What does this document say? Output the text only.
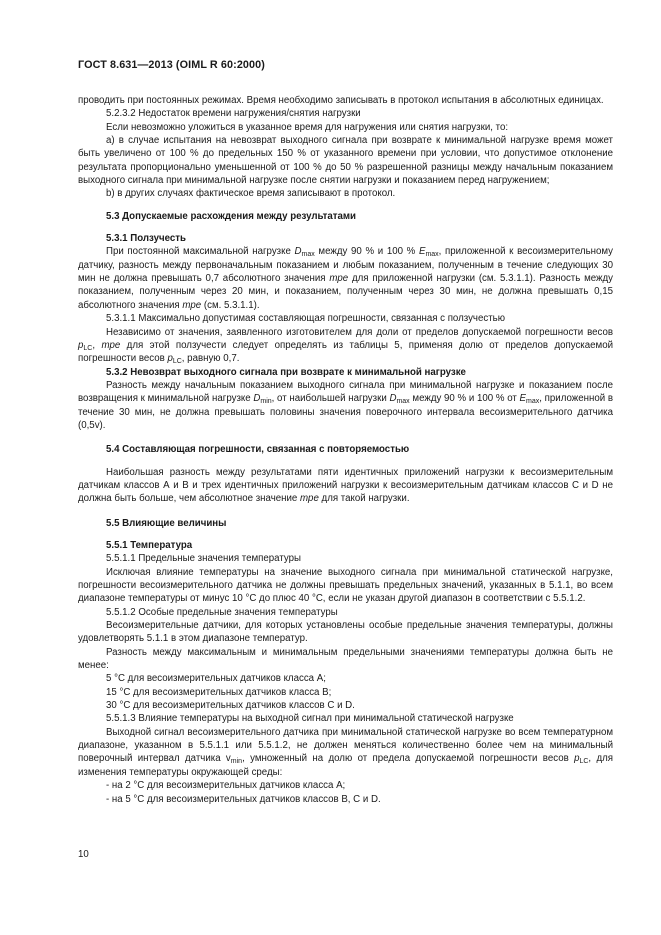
ГОСТ 8.631—2013 (OIML R 60:2000)

проводить при постоянных режимах. Время необходимо записывать в протокол испытания в абсолютных единицах.

5.2.3.2 Недостаток времени нагружения/снятия нагрузки

Если невозможно уложиться в указанное время для нагружения или снятия нагрузки, то:

a) в случае испытания на невозврат выходного сигнала при возврате к минимальной нагрузке время может быть увеличено от 100 % до предельных 150 % от указанного времени при условии, что допустимое отклонение результата пропорционально уменьшенной от 100 % до 50 % разрешенной разницы между начальным показанием выходного сигнала при минимальной нагрузке после снятии нагрузки и показанием перед нагружением;

b) в других случаях фактическое время записывают в протокол.

5.3 Допускаемые расхождения между результатами

5.3.1 Ползучесть

При постоянной максимальной нагрузке $D_{max}$ между 90 % и 100 % $E_{max}$, приложенной к весоизмерительному датчику, разность между первоначальным показанием и любым показанием, полученным в течение следующих 30 мин не должна превышать 0,7 абсолютного значения mpe для приложенной нагрузки (см. 5.3.1.1). Разность между показанием, полученным через 20 мин, и показанием, полученным через 30 мин, не должна превышать 0,15 абсолютного значения mpe (см. 5.3.1.1).

5.3.1.1 Максимально допустимая составляющая погрешности, связанная с ползучестью

Независимо от значения, заявленного изготовителем для доли от пределов допускаемой погрешности весов $p_{LC}$, mpe для этой ползучести следует определять из таблицы 5, применяя долю от пределов допускаемой погрешности весов $p_{LC}$, равную 0,7.

5.3.2 Невозврат выходного сигнала при возврате к минимальной нагрузке

Разность между начальным показанием выходного сигнала при минимальной нагрузке и показанием после возвращения к минимальной нагрузке $D_{min}$, от наибольшей нагрузки $D_{max}$ между 90 % и 100 % от $E_{max}$, приложенной в течение 30 мин, не должна превышать половины значения поверочного интервала весоизмерительного датчика (0,5v).

5.4 Составляющая погрешности, связанная с повторяемостью

Наибольшая разность между результатами пяти идентичных приложений нагрузки к весоизмерительным датчикам классов А и В и трех идентичных приложений нагрузки к весоизмерительным датчикам классов С и D не должна быть больше, чем абсолютное значение mpe для такой нагрузки.

5.5 Влияющие величины

5.5.1 Температура

5.5.1.1 Предельные значения температуры

Исключая влияние температуры на значение выходного сигнала при минимальной статической нагрузке, погрешности весоизмерительного датчика не должны превышать предельных значений, указанных в 5.1.1, во всем диапазоне температуры от минус 10 °С до плюс 40 °С, если не указан другой диапазон в соответствии с 5.5.1.2.

5.5.1.2 Особые предельные значения температуры

Весоизмерительные датчики, для которых установлены особые предельные значения температуры, должны удовлетворять 5.1.1 в этом диапазоне температур.

Разность между максимальным и минимальным предельными значениями температуры должна быть не менее:

5 °С для весоизмерительных датчиков класса А;

15 °С для весоизмерительных датчиков класса В;

30 °С для весоизмерительных датчиков классов С и D.

5.5.1.3 Влияние температуры на выходной сигнал при минимальной статической нагрузке

Выходной сигнал весоизмерительного датчика при минимальной статической нагрузке во всем температурном диапазоне, указанном в 5.5.1.1 или 5.5.1.2, не должен меняться количественно более чем на минимальный поверочный интервал датчика $v_{min}$, умноженный на долю от предела допускаемой погрешности весов $p_{LC}$, для изменения температуры окружающей среды:

- на 2 °С для весоизмерительных датчиков класса А;

- на 5 °С для весоизмерительных датчиков классов В, С и D.

10
